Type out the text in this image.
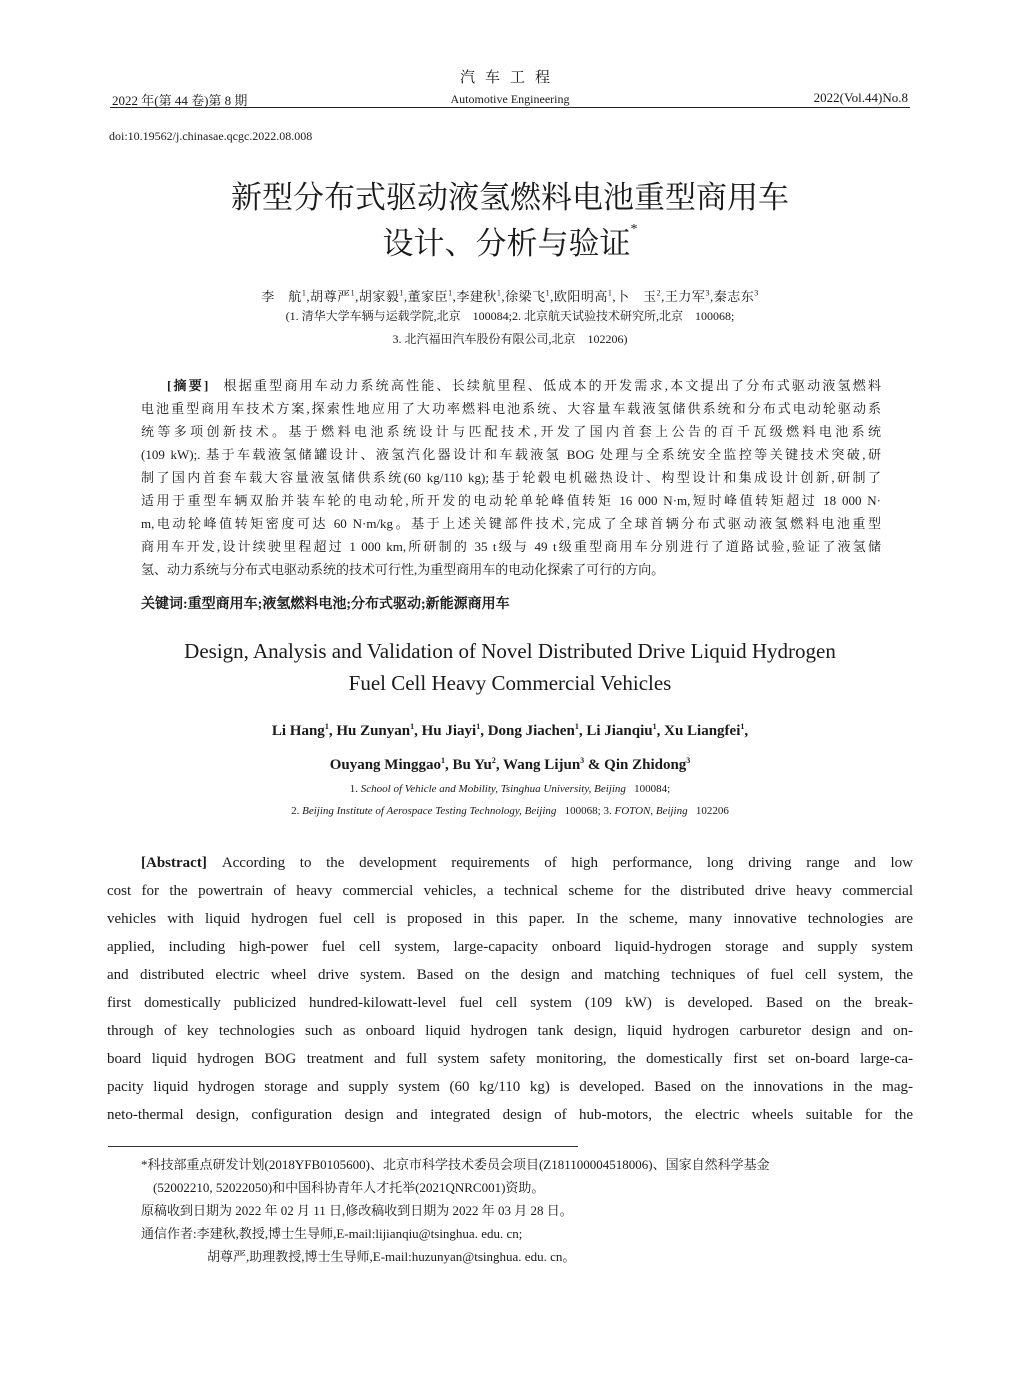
汽车工程
2022 年(第 44 卷)第 8 期	Automotive Engineering	2022(Vol.44)No.8
doi:10.19562/j.chinasae.qcgc.2022.08.008
新型分布式驱动液氢燃料电池重型商用车
设计、分析与验证*
李　航$^1$,胡尊严$^1$,胡家毅$^1$,董家臣$^1$,李建秋$^1$,徐梁飞$^1$,欧阳明高$^1$,卜　玉$^2$,王力军$^3$,秦志东$^3$
(1. 清华大学车辆与运载学院,北京　100084;2. 北京航天试验技术研究所,北京　100068;
3. 北汽福田汽车股份有限公司,北京　102206)
[摘要]  根据重型商用车动力系统高性能、长续航里程、低成本的开发需求,本文提出了分布式驱动液氢燃料
电池重型商用车技术方案,探索性地应用了大功率燃料电池系统、大容量车载液氢储供系统和分布式电动轮驱动系
统等多项创新技术。基于燃料电池系统设计与匹配技术,开发了国内首套上公告的百千瓦级燃料电池系统
(109 kW);. 基于车载液氢储罐设计、液氢汽化器设计和车载液氢 BOG 处理与全系统安全监控等关键技术突破,研
制了国内首套车载大容量液氢储供系统(60 kg/110 kg);基于轮毂电机磁热设计、构型设计和集成设计创新,研制了
适用于重型车辆双胎并装车轮的电动轮,所开发的电动轮单轮峰值转矩 16 000 N·m,短时峰值转矩超过 18 000 N·
m,电动轮峰值转矩密度可达 60 N·m/kg。基于上述关键部件技术,完成了全球首辆分布式驱动液氢燃料电池重型
商用车开发,设计续驶里程超过 1 000 km,所研制的 35 t级与 49 t级重型商用车分别进行了道路试验,验证了液氢储
氢、动力系统与分布式电驱动系统的技术可行性,为重型商用车的电动化探索了可行的方向。
关键词:重型商用车;液氢燃料电池;分布式驱动;新能源商用车
Design, Analysis and Validation of Novel Distributed Drive Liquid Hydrogen
Fuel Cell Heavy Commercial Vehicles
Li Hang$^1$, Hu Zunyan$^1$, Hu Jiayi$^1$, Dong Jiachen$^1$, Li Jianqiu$^1$, Xu Liangfei$^1$,
Ouyang Minggao$^1$, Bu Yu$^2$, Wang Lijun$^3$ & Qin Zhidong$^3$
1. School of Vehicle and Mobility, Tsinghua University, Beijing 100084;
2. Beijing Institute of Aerospace Testing Technology, Beijing 100068; 3. FOTON, Beijing 102206
[Abstract]   According to the development requirements of high performance, long driving range and low
cost for the powertrain of heavy commercial vehicles, a technical scheme for the distributed drive heavy commercial
vehicles with liquid hydrogen fuel cell is proposed in this paper. In the scheme, many innovative technologies are
applied, including high-power fuel cell system, large-capacity onboard liquid-hydrogen storage and supply system
and distributed electric wheel drive system. Based on the design and matching techniques of fuel cell system, the
first domestically publicized hundred-kilowatt-level fuel cell system (109 kW) is developed. Based on the break-
through of key technologies such as onboard liquid hydrogen tank design, liquid hydrogen carburetor design and on-
board liquid hydrogen BOG treatment and full system safety monitoring, the domestically first set on-board large-ca-
pacity liquid hydrogen storage and supply system (60 kg/110 kg) is developed. Based on the innovations in the mag-
neto-thermal design, configuration design and integrated design of hub-motors, the electric wheels suitable for the
*科技部重点研发计划(2018YFB0105600)、北京市科学技术委员会项目(Z181100004518006)、国家自然科学基金
(52002210, 52022050)和中国科协青年人才托举(2021QNRC001)资助。
原稿收到日期为 2022 年 02 月 11 日,修改稿收到日期为 2022 年 03 月 28 日。
通信作者:李建秋,教授,博士生导师,E-mail:lijianqiu@tsinghua. edu. cn;
胡尊严,助理教授,博士生导师,E-mail:huzunyan@tsinghua. edu. cn。
